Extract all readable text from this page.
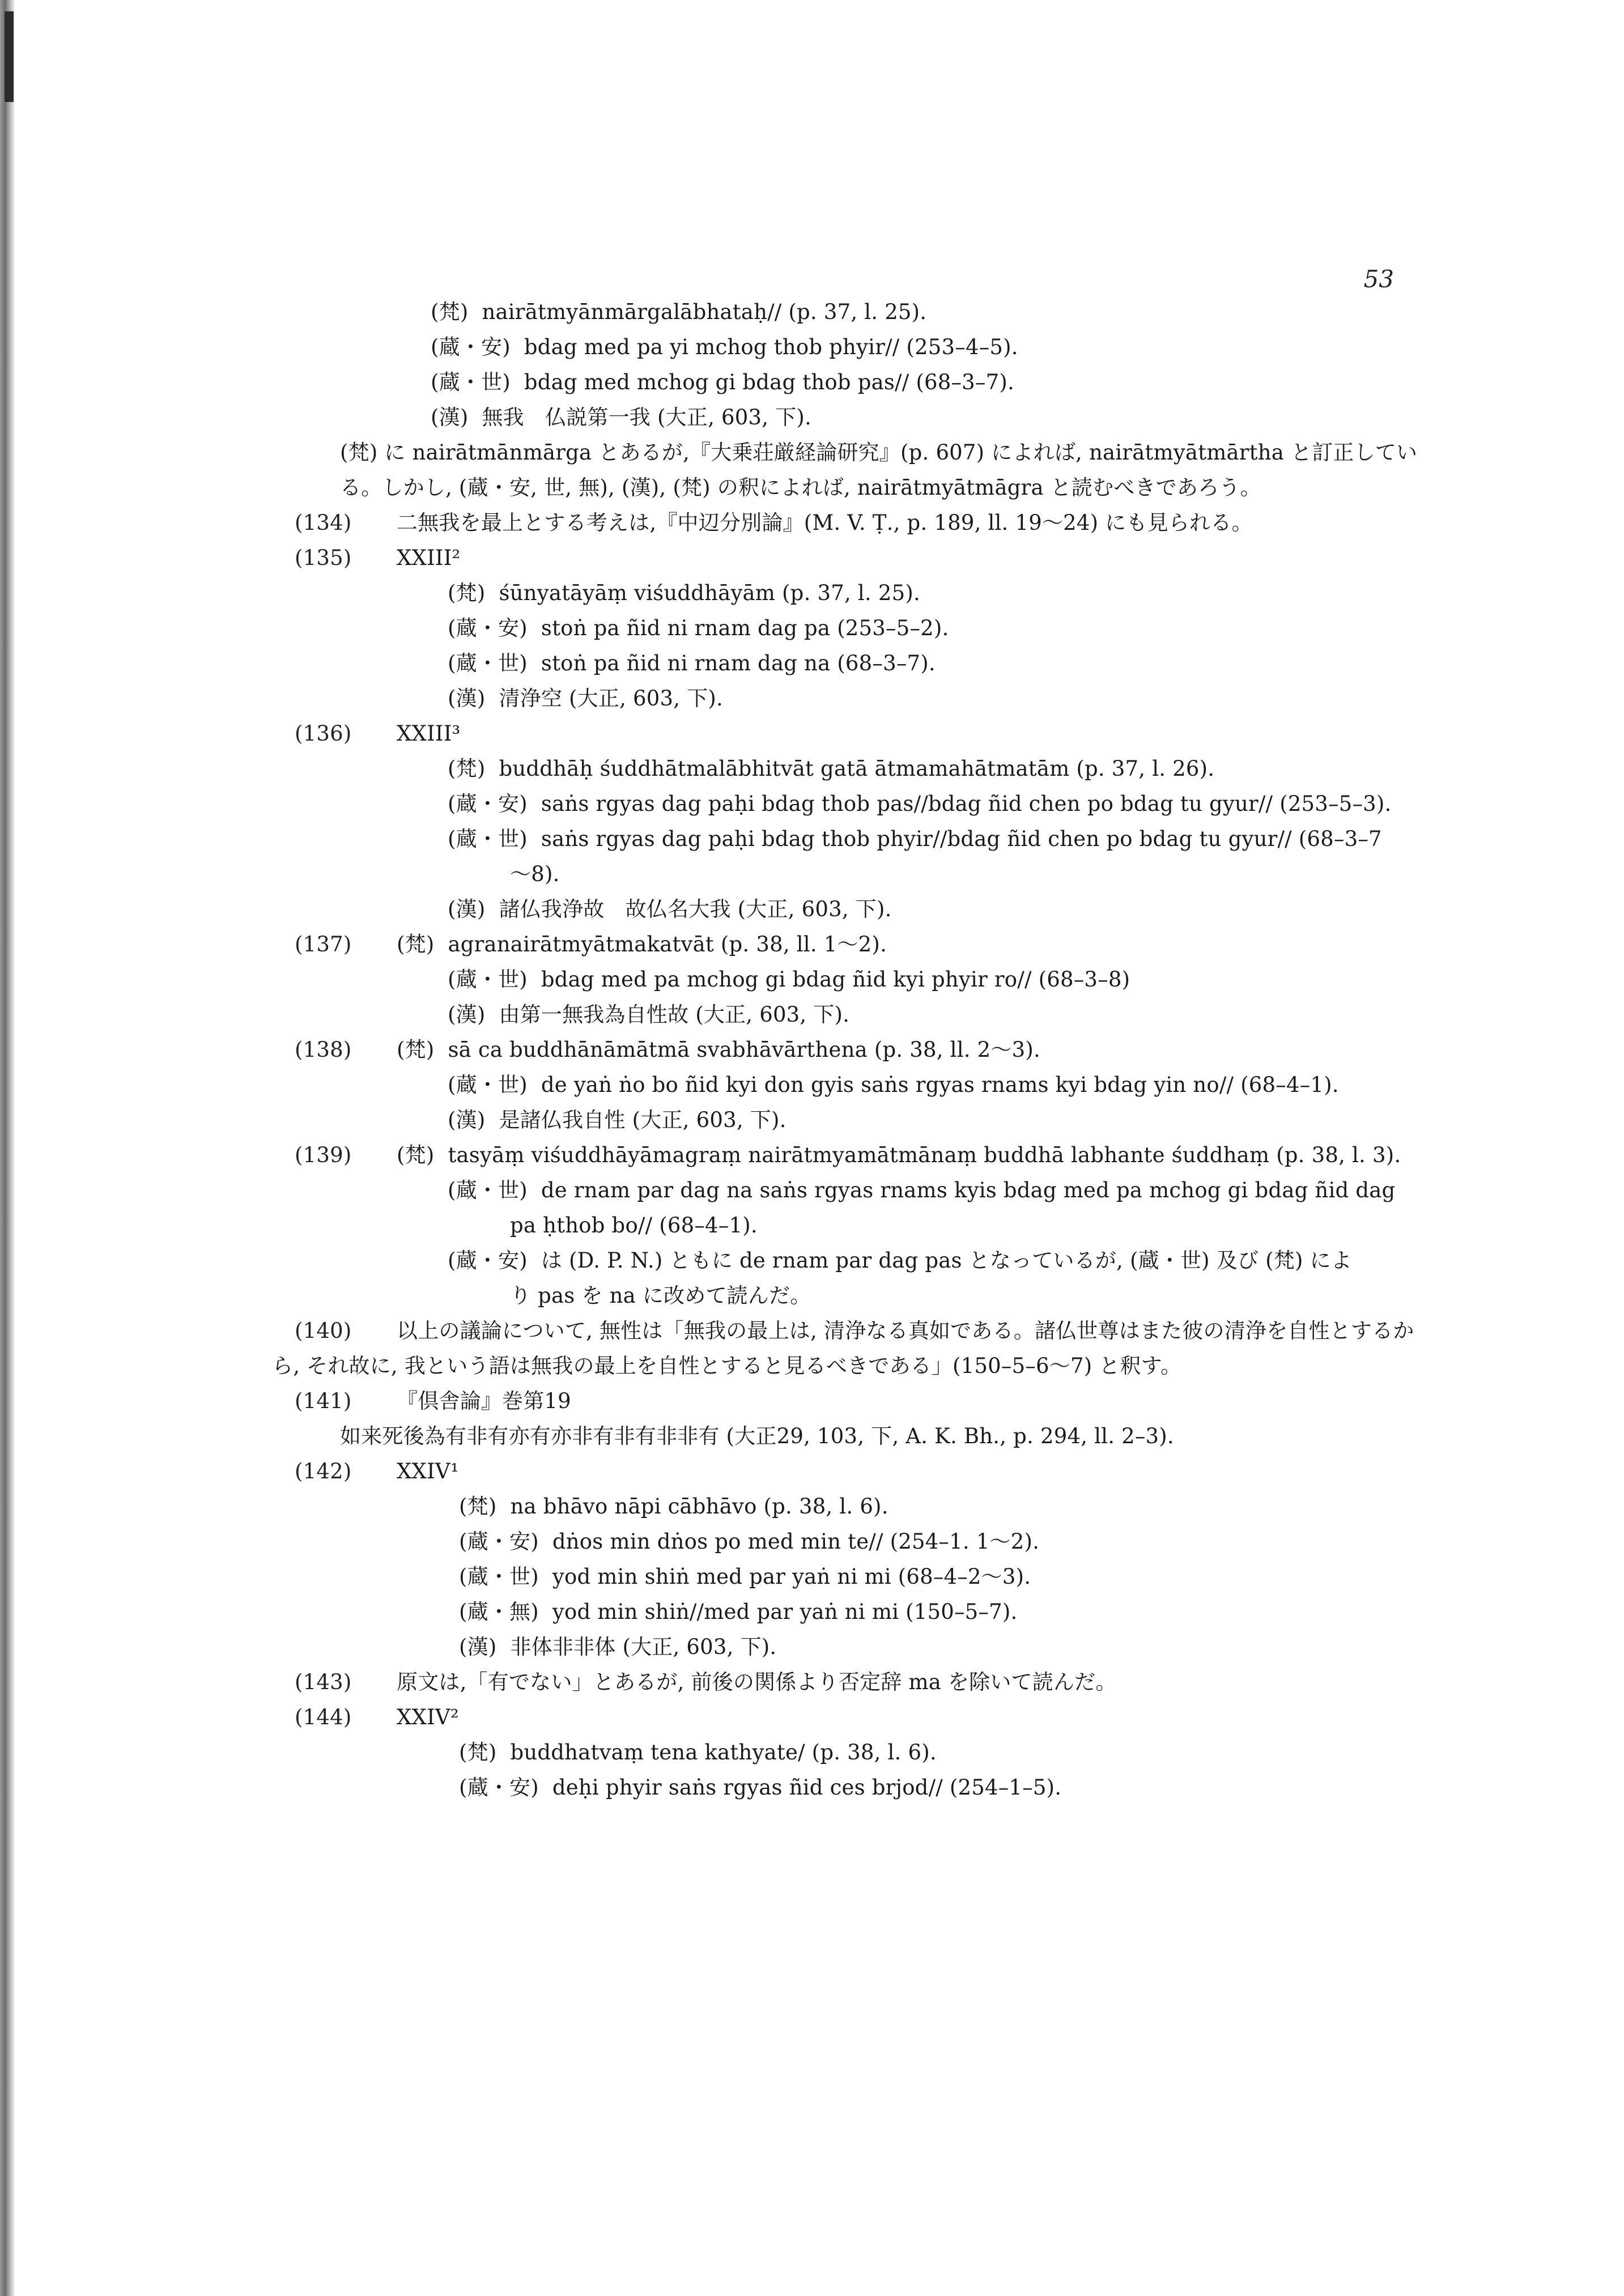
53
(梵) nairātmyānmārgalābhataḥ// (p. 37, l. 25).
(蔵・安) bdag med pa yi mchog thob phyir// (253–4–5).
(蔵・世) bdag med mchog gi bdag thob pas// (68–3–7).
(漢) 無我　仏説第一我 (大正, 603, 下).
(梵) に nairātmānmārga とあるが,『大乗荘厳経論研究』(p. 607) によれば, nairātmyātmārtha と訂正している。しかし, (蔵・安, 世, 無), (漢), (梵) の釈によれば, nairātmyātmāgra と読むべきであろう。
(134) 二無我を最上とする考えは,『中辺分別論』(M. V. Ṭ., p. 189, ll. 19〜24) にも見られる。
(135) XXIII²
(梵) śūnyatāyāṃ viśuddhāyām (p. 37, l. 25).
(蔵・安) stoṅ pa ñid ni rnam dag pa (253–5–2).
(蔵・世) stoṅ pa ñid ni rnam dag na (68–3–7).
(漢) 清浄空 (大正, 603, 下).
(136) XXIII³
(梵) buddhāḥ śuddhātmalābhitvāt gatā ātmamahātmatām (p. 37, l. 26).
(蔵・安) saṅs rgyas dag paḥi bdag thob pas//bdag ñid chen po bdag tu gyur// (253–5–3).
(蔵・世) saṅs rgyas dag paḥi bdag thob phyir//bdag ñid chen po bdag tu gyur// (68–3–7
〜8).
(漢) 諸仏我浄故　故仏名大我 (大正, 603, 下).
(137) (梵) agranairātmyātmakatvāt (p. 38, ll. 1〜2).
(蔵・世) bdag med pa mchog gi bdag ñid kyi phyir ro// (68–3–8)
(漢) 由第一無我為自性故 (大正, 603, 下).
(138) (梵) sā ca buddhānāmātmā svabhāvārthena (p. 38, ll. 2〜3).
(蔵・世) de yaṅ ṅo bo ñid kyi don gyis saṅs rgyas rnams kyi bdag yin no// (68–4–1).
(漢) 是諸仏我自性 (大正, 603, 下).
(139) (梵) tasyāṃ viśuddhāyāmagraṃ nairātmyamātmānaṃ buddhā labhante śuddhaṃ (p. 38, l. 3).
(蔵・世) de rnam par dag na saṅs rgyas rnams kyis bdag med pa mchog gi bdag ñid dag
pa ḥthob bo// (68–4–1).
(蔵・安) は (D. P. N.) ともに de rnam par dag pas となっているが, (蔵・世) 及び (梵) によ
り pas を na に改めて読んだ。
(140) 以上の議論について, 無性は「無我の最上は, 清浄なる真如である。諸仏世尊はまた彼の清浄を自性とするから, それ故に, 我という語は無我の最上を自性とすると見るべきである」(150–5–6〜7) と釈す。
(141) 『倶舎論』巻第19
如来死後為有非有亦有亦非有非有非非有 (大正29, 103, 下, A. K. Bh., p. 294, ll. 2–3).
(142) XXIV¹
(梵) na bhāvo nāpi cābhāvo (p. 38, l. 6).
(蔵・安) dṅos min dṅos po med min te// (254–1. 1〜2).
(蔵・世) yod min shiṅ med par yaṅ ni mi (68–4–2〜3).
(蔵・無) yod min shiṅ//med par yaṅ ni mi (150–5–7).
(漢) 非体非非体 (大正, 603, 下).
(143) 原文は,「有でない」とあるが, 前後の関係より否定辞 ma を除いて読んだ。
(144) XXIV²
(梵) buddhatvaṃ tena kathyate/ (p. 38, l. 6).
(蔵・安) deḥi phyir saṅs rgyas ñid ces brjod// (254–1–5).
